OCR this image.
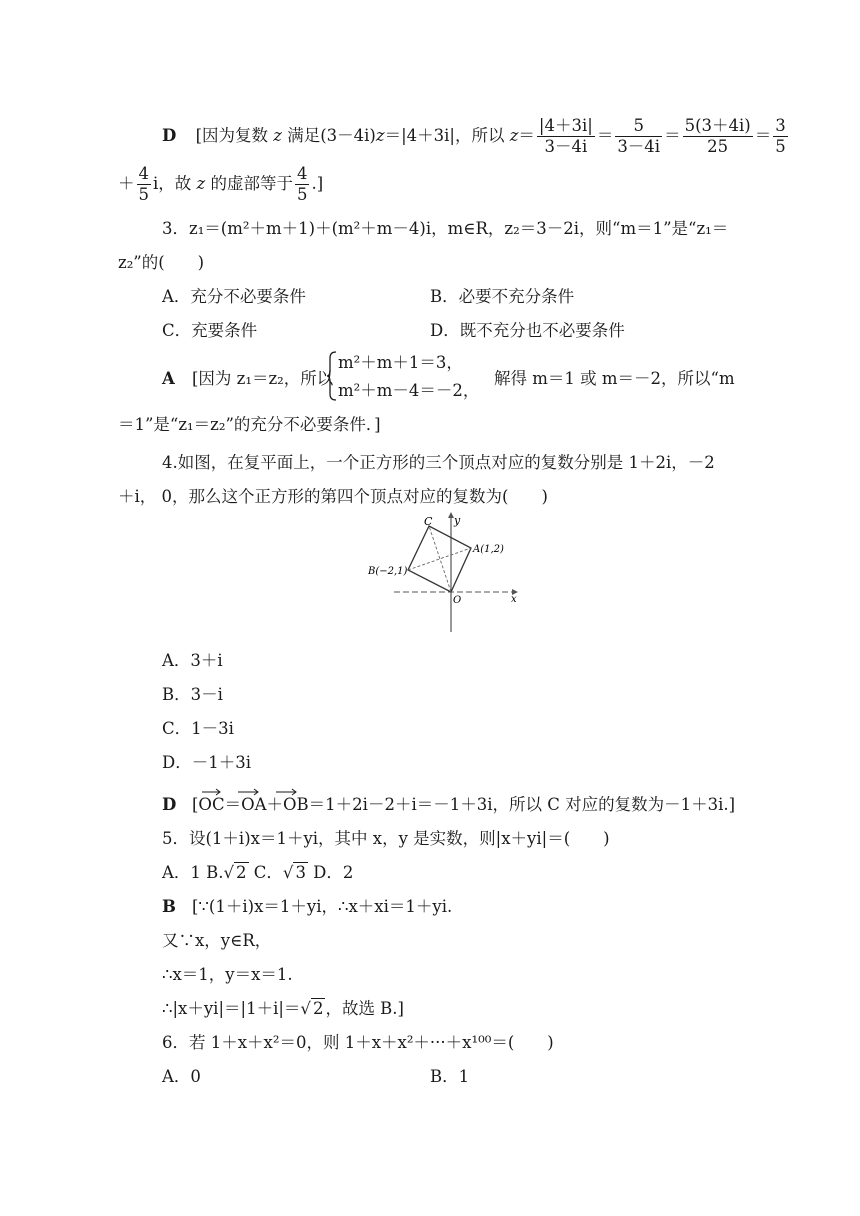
D [因为复数 z 满足(3－4i)z＝|4＋3i|，所以 $z= \frac{|4+3i|}{3-4i} = \frac{5}{3-4i} = \frac{5(3+4i)}{25} = \frac{3}{5}$
＋ $\frac{4}{5}$ i，故 z 的虚部等于 $\frac{4}{5}$ .]
3．z₁＝(m²＋m＋1)＋(m²＋m－4)i，m∈R，z₂＝3－2i，则“m＝1”是“z₁＝
z₂”的(　　)
A．充分不必要条件	B．必要不充分条件
C．充要条件	D．既不充分也不必要条件
A [因为 z₁＝z₂，所以
m²＋m＋1＝3，
m²＋m－4＝－2，
解得 m＝1 或 m＝－2，所以“m
＝1”是“z₁＝z₂”的充分不必要条件．]
4.如图，在复平面上，一个正方形的三个顶点对应的复数分别是 1＋2i，－2
＋i， 0，那么这个正方形的第四个顶点对应的复数为(　　)
C y
A(1,2)
B(−2,1)
O	x
A．3＋i
B．3－i
C．1－3i
D．－1＋3i
D [OC＝OA＋OB＝1＋2i－2＋i＝－1＋3i，所以 C 对应的复数为－1＋3i.]
5．设(1＋i)x＝1＋yi，其中 x，y 是实数，则|x＋yi|＝(　　)
A．1 B.√ 2 C．√ 3 D．2
B [∵(1＋i)x＝1＋yi，∴x＋xi＝1＋yi.
又∵x，y∈R，
∴x＝1，y＝x＝1.
∴|x＋yi|＝|1＋i|＝√ 2 ，故选 B.]
6．若 1＋x＋x²＝0，则 1＋x＋x²＋···＋x¹⁰⁰＝(　　)
A．0	B．1
